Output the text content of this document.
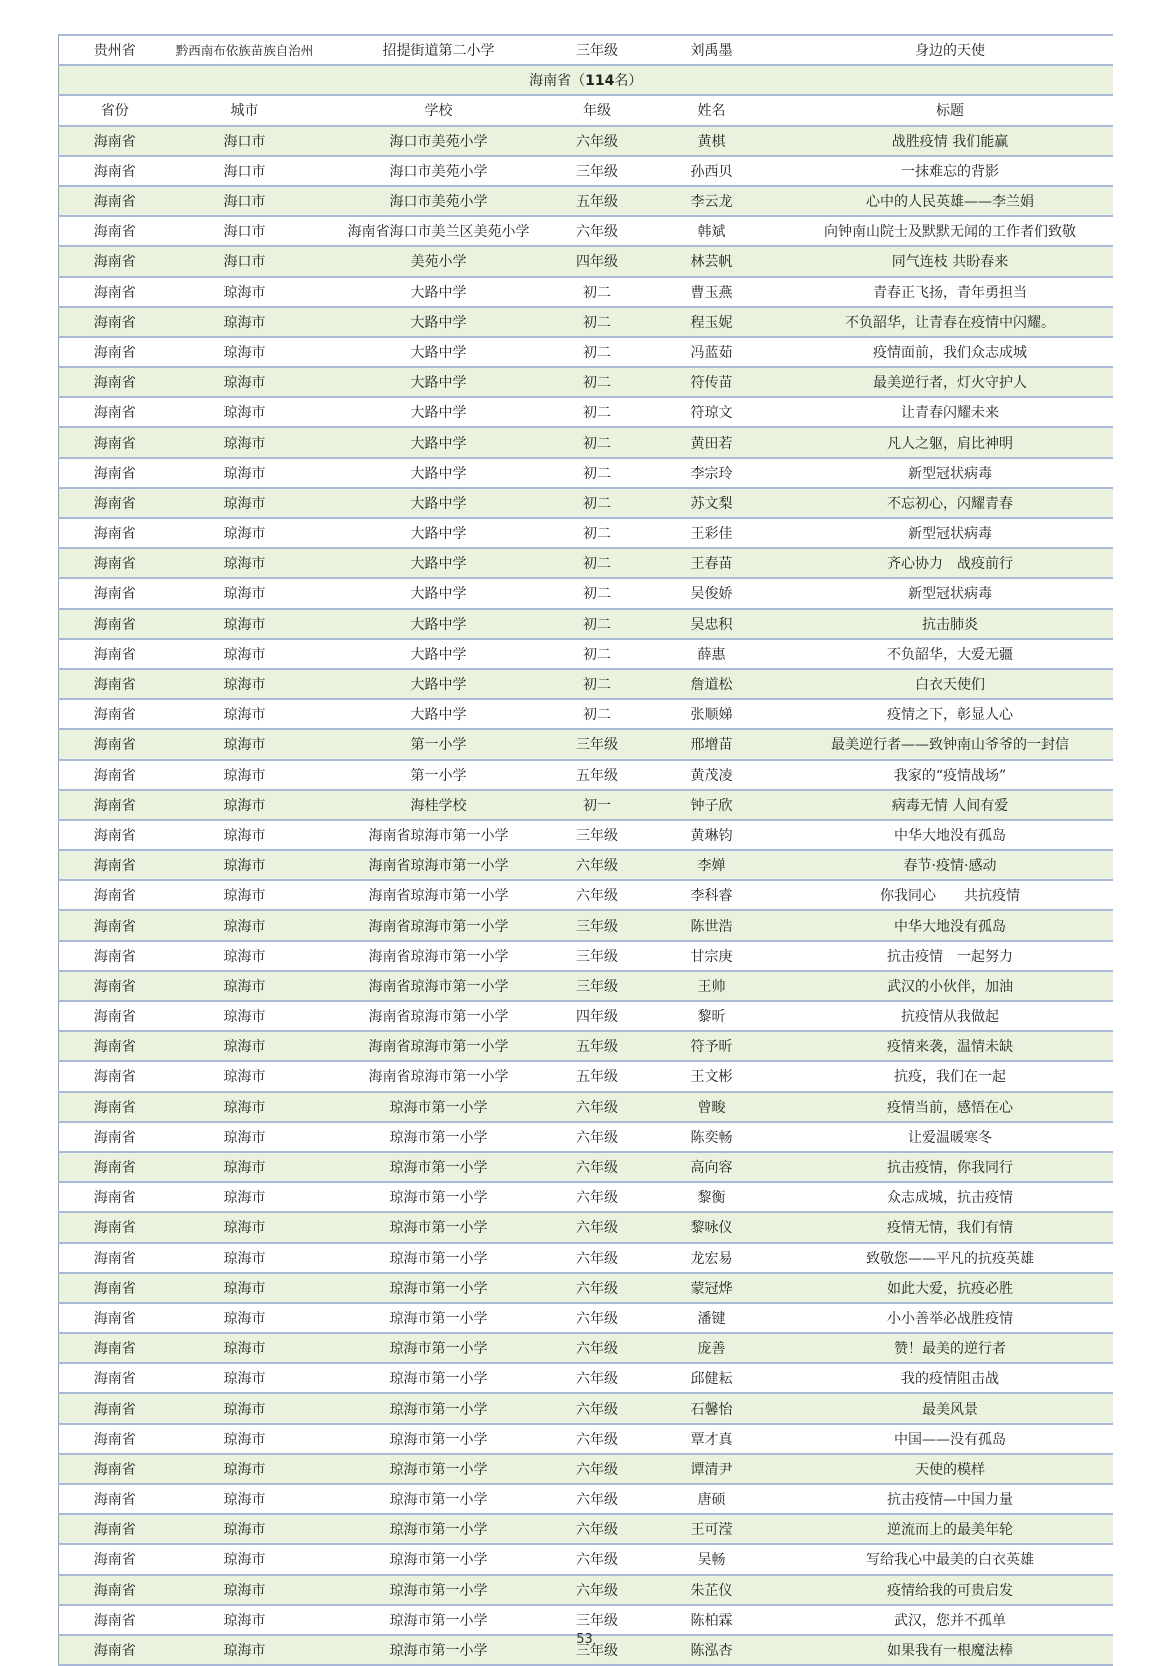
贵州省	黔西南布依族苗族自治州	招提街道第二小学	三年级	刘禹墨	身边的天使
海南省（114名）					
省份	城市	学校	年级	姓名	标题
海南省	海口市	海口市美苑小学	六年级	黄棋	战胜疫情 我们能赢
海南省	海口市	海口市美苑小学	三年级	孙西贝	一抹难忘的背影
海南省	海口市	海口市美苑小学	五年级	李云龙	心中的人民英雄——李兰娟
海南省	海口市	海南省海口市美兰区美苑小学	六年级	韩斌	向钟南山院士及默默无闻的工作者们致敬
海南省	海口市	美苑小学	四年级	林芸帆	同气连枝 共盼春来
海南省	琼海市	大路中学	初二	曹玉燕	青春正飞扬，青年勇担当
海南省	琼海市	大路中学	初二	程玉妮	不负韶华，让青春在疫情中闪耀。
海南省	琼海市	大路中学	初二	冯蓝茹	疫情面前，我们众志成城
海南省	琼海市	大路中学	初二	符传苗	最美逆行者，灯火守护人
海南省	琼海市	大路中学	初二	符琼文	让青春闪耀未来
海南省	琼海市	大路中学	初二	黄田若	凡人之躯，肩比神明
海南省	琼海市	大路中学	初二	李宗玲	新型冠状病毒
海南省	琼海市	大路中学	初二	苏文梨	不忘初心，闪耀青春
海南省	琼海市	大路中学	初二	王彩佳	新型冠状病毒
海南省	琼海市	大路中学	初二	王春苗	齐心协力　战疫前行
海南省	琼海市	大路中学	初二	吴俊娇	新型冠状病毒
海南省	琼海市	大路中学	初二	吴忠积	抗击肺炎
海南省	琼海市	大路中学	初二	薛惠	不负韶华，大爱无疆
海南省	琼海市	大路中学	初二	詹道松	白衣天使们
海南省	琼海市	大路中学	初二	张顺娣	疫情之下，彰显人心
海南省	琼海市	第一小学	三年级	邢增苗	最美逆行者——致钟南山爷爷的一封信
海南省	琼海市	第一小学	五年级	黄茂凌	我家的“疫情战场”
海南省	琼海市	海桂学校	初一	钟子欣	病毒无情 人间有爱
海南省	琼海市	海南省琼海市第一小学	三年级	黄琳钧	中华大地没有孤岛
海南省	琼海市	海南省琼海市第一小学	六年级	李婵	春节·疫情·感动
海南省	琼海市	海南省琼海市第一小学	六年级	李科睿	你我同心　　共抗疫情
海南省	琼海市	海南省琼海市第一小学	三年级	陈世浩	中华大地没有孤岛
海南省	琼海市	海南省琼海市第一小学	三年级	甘宗庚	抗击疫情　一起努力
海南省	琼海市	海南省琼海市第一小学	三年级	王帅	武汉的小伙伴，加油
海南省	琼海市	海南省琼海市第一小学	四年级	黎昕	抗疫情从我做起
海南省	琼海市	海南省琼海市第一小学	五年级	符予昕	疫情来袭，温情未缺
海南省	琼海市	海南省琼海市第一小学	五年级	王文彬	抗疫，我们在一起
海南省	琼海市	琼海市第一小学	六年级	曾畯	疫情当前，感悟在心
海南省	琼海市	琼海市第一小学	六年级	陈奕畅	让爱温暖寒冬
海南省	琼海市	琼海市第一小学	六年级	高向容	抗击疫情，你我同行
海南省	琼海市	琼海市第一小学	六年级	黎衡	众志成城，抗击疫情
海南省	琼海市	琼海市第一小学	六年级	黎咏仪	疫情无情，我们有情
海南省	琼海市	琼海市第一小学	六年级	龙宏易	致敬您——平凡的抗疫英雄
海南省	琼海市	琼海市第一小学	六年级	蒙冠烨	如此大爱，抗疫必胜
海南省	琼海市	琼海市第一小学	六年级	潘键	小小善举必战胜疫情
海南省	琼海市	琼海市第一小学	六年级	庞善	赞！最美的逆行者
海南省	琼海市	琼海市第一小学	六年级	邱健耘	我的疫情阻击战
海南省	琼海市	琼海市第一小学	六年级	石馨怡	最美风景
海南省	琼海市	琼海市第一小学	六年级	覃才真	中国——没有孤岛
海南省	琼海市	琼海市第一小学	六年级	谭清尹	天使的模样
海南省	琼海市	琼海市第一小学	六年级	唐硕	抗击疫情—中国力量
海南省	琼海市	琼海市第一小学	六年级	王可滢	逆流而上的最美年轮
海南省	琼海市	琼海市第一小学	六年级	吴畅	写给我心中最美的白衣英雄
海南省	琼海市	琼海市第一小学	六年级	朱芷仪	疫情给我的可贵启发
海南省	琼海市	琼海市第一小学	三年级	陈柏霖	武汉，您并不孤单
海南省	琼海市	琼海市第一小学	三年级	陈泓杏	如果我有一根魔法棒
53
